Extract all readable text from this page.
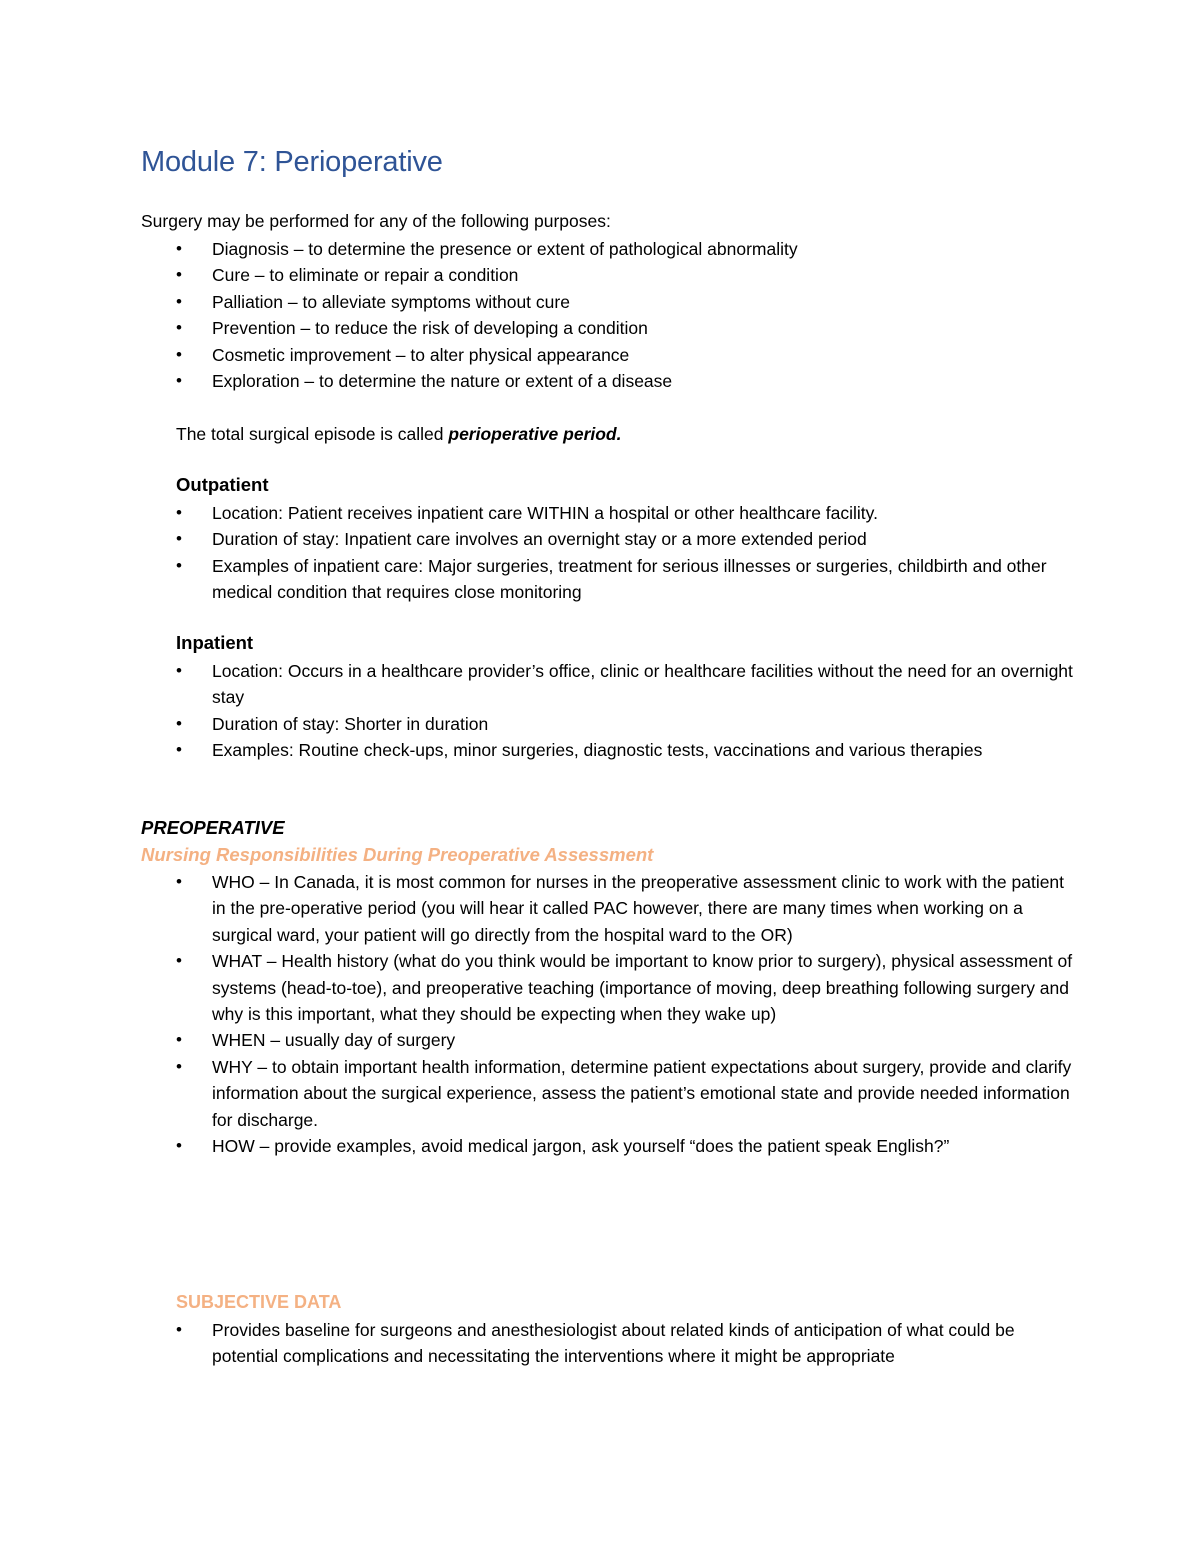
Module 7: Perioperative

Surgery may be performed for any of the following purposes:

• Diagnosis – to determine the presence or extent of pathological abnormality
• Cure – to eliminate or repair a condition
• Palliation – to alleviate symptoms without cure
• Prevention – to reduce the risk of developing a condition
• Cosmetic improvement – to alter physical appearance
• Exploration – to determine the nature or extent of a disease

The total surgical episode is called perioperative period.

Outpatient
• Location: Patient receives inpatient care WITHIN a hospital or other healthcare facility.
• Duration of stay: Inpatient care involves an overnight stay or a more extended period
• Examples of inpatient care: Major surgeries, treatment for serious illnesses or surgeries, childbirth and other medical condition that requires close monitoring
Inpatient
• Location: Occurs in a healthcare provider’s office, clinic or healthcare facilities without the need for an overnight stay
• Duration of stay: Shorter in duration
• Examples: Routine check-ups, minor surgeries, diagnostic tests, vaccinations and various therapies
PREOPERATIVE
Nursing Responsibilities During Preoperative Assessment
• WHO – In Canada, it is most common for nurses in the preoperative assessment clinic to work with the patient in the pre-operative period (you will hear it called PAC however, there are many times when working on a surgical ward, your patient will go directly from the hospital ward to the OR)
• WHAT – Health history (what do you think would be important to know prior to surgery), physical assessment of systems (head-to-toe), and preoperative teaching (importance of moving, deep breathing following surgery and why is this important, what they should be expecting when they wake up)
• WHEN – usually day of surgery
• WHY – to obtain important health information, determine patient expectations about surgery, provide and clarify information about the surgical experience, assess the patient’s emotional state and provide needed information for discharge.
• HOW – provide examples, avoid medical jargon, ask yourself “does the patient speak English?”
SUBJECTIVE DATA
• Provides baseline for surgeons and anesthesiologist about related kinds of anticipation of what could be potential complications and necessitating the interventions where it might be appropriate
